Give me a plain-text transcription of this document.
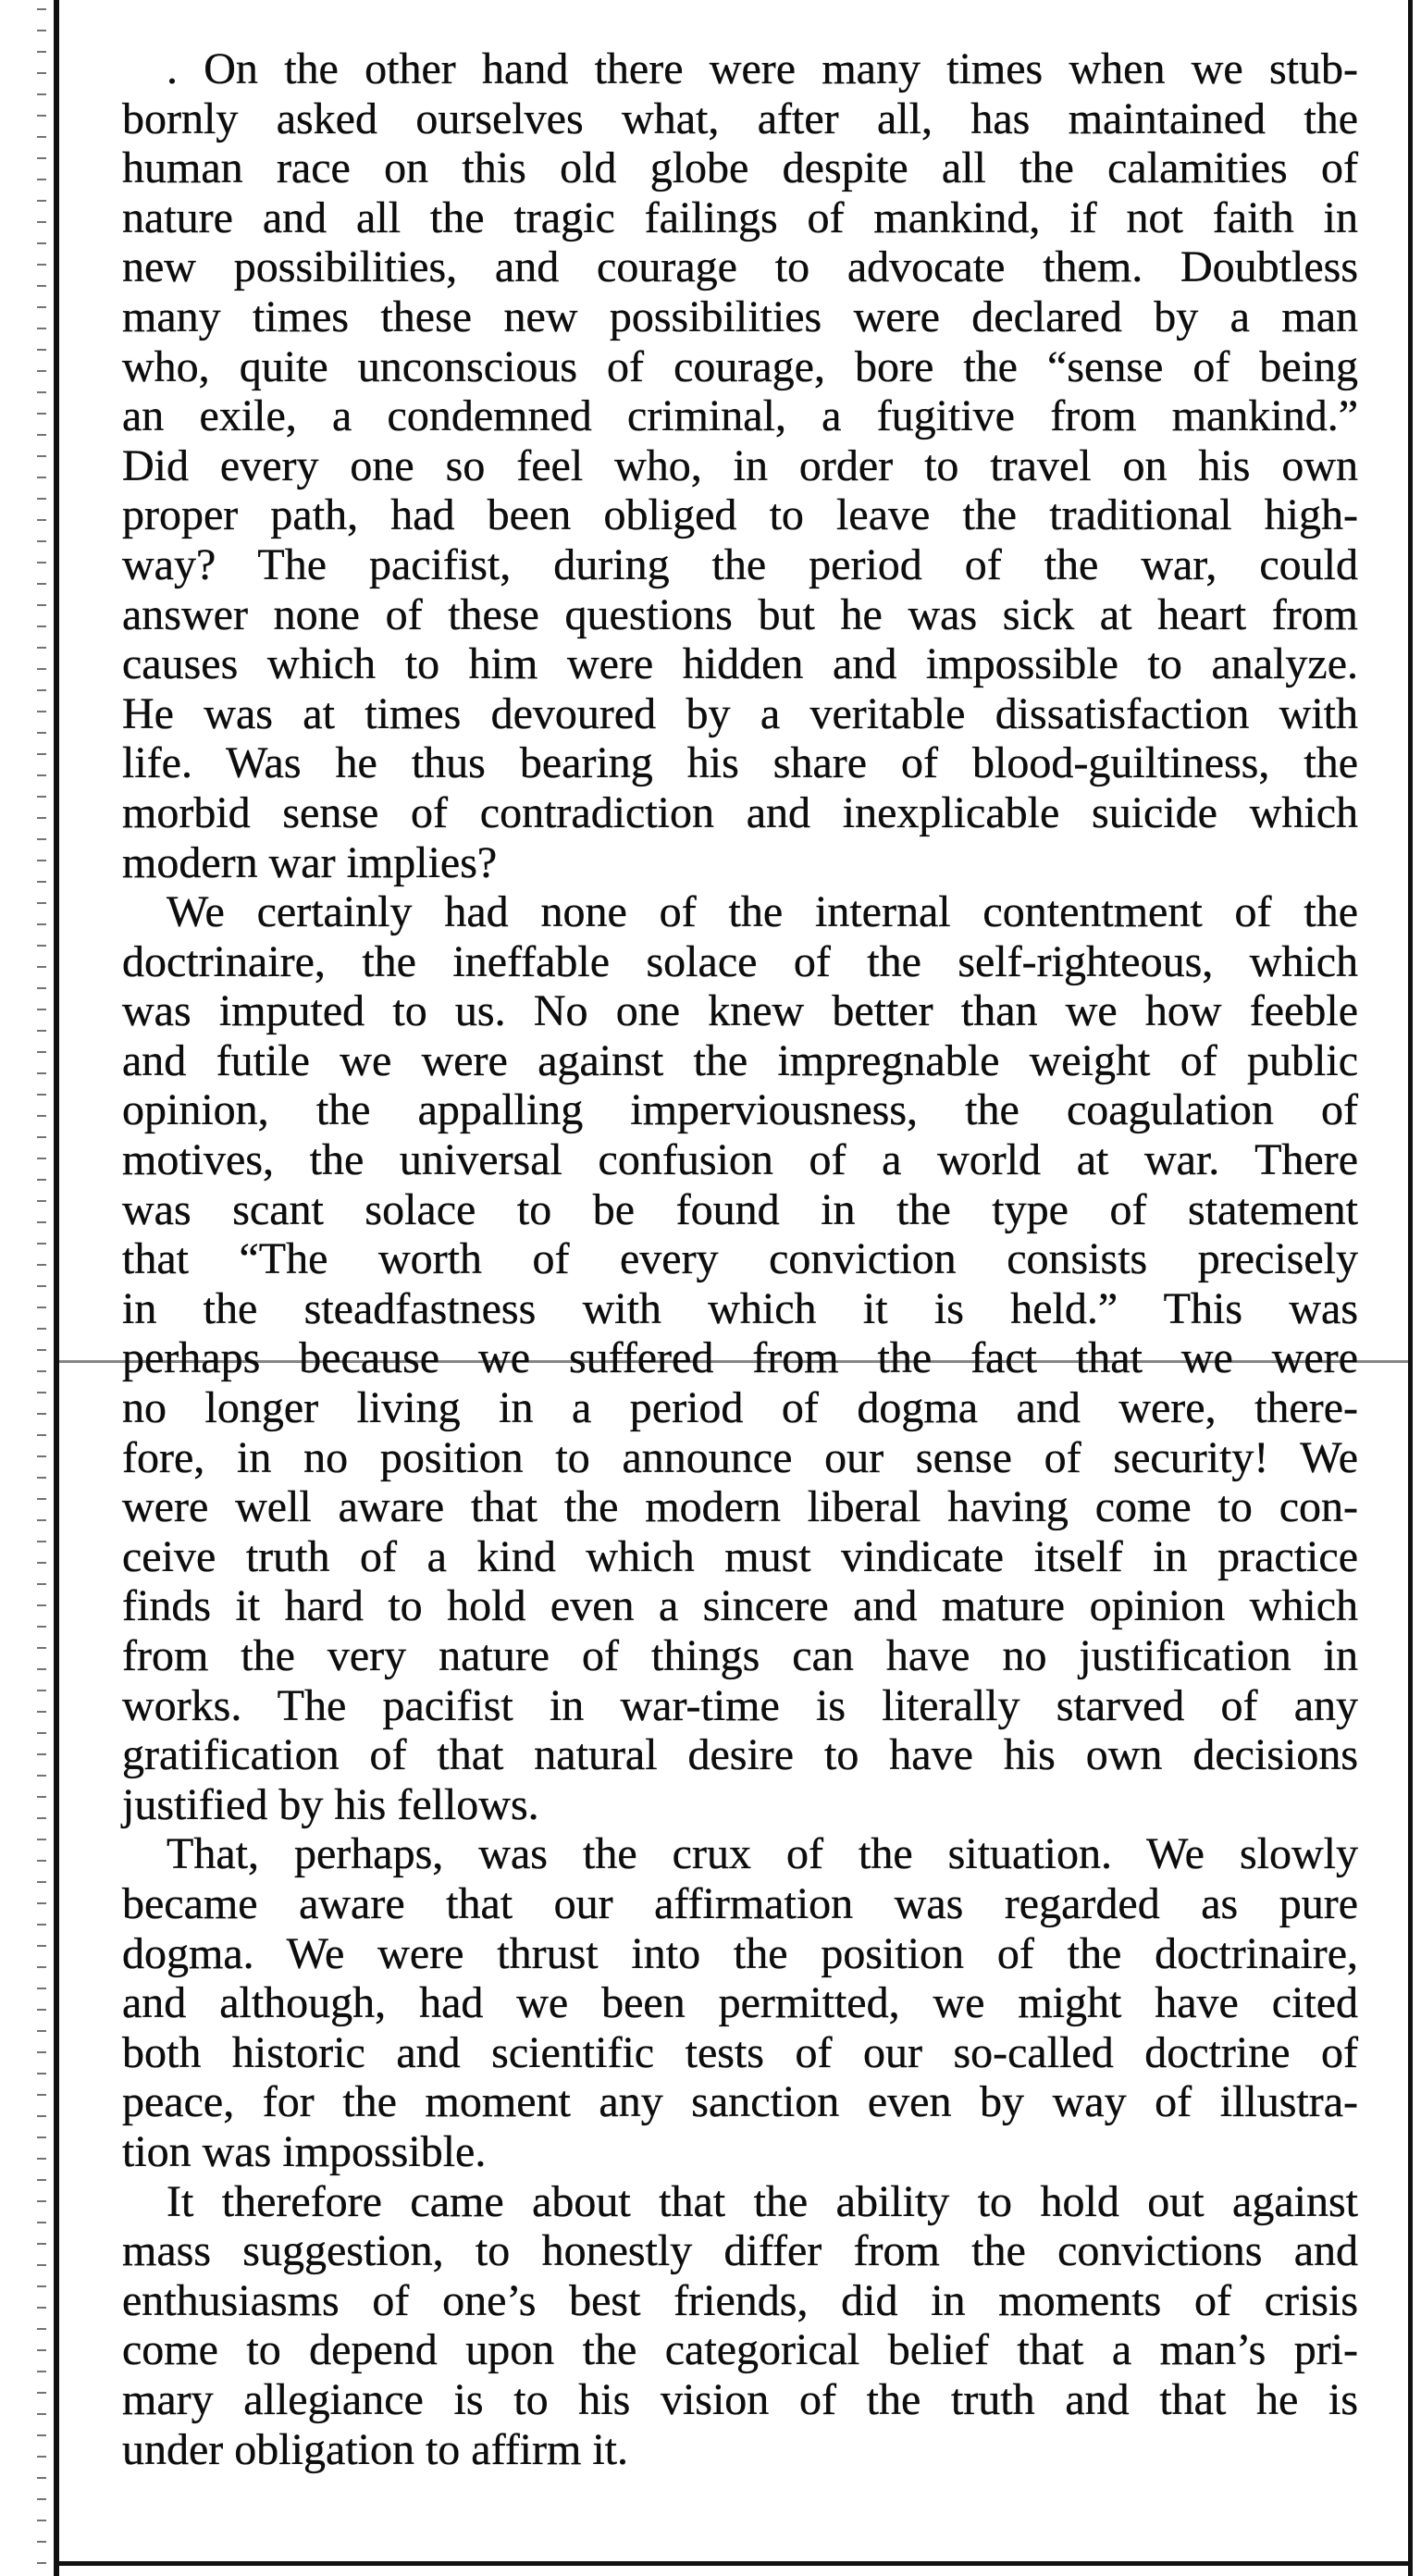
. On the other hand there were many times when we stub-
bornly asked ourselves what, after all, has maintained the
human race on this old globe despite all the calamities of
nature and all the tragic failings of mankind, if not faith in
new possibilities, and courage to advocate them. Doubtless
many times these new possibilities were declared by a man
who, quite unconscious of courage, bore the “sense of being
an exile, a condemned criminal, a fugitive from mankind.”
Did every one so feel who, in order to travel on his own
proper path, had been obliged to leave the traditional high-
way? The pacifist, during the period of the war, could
answer none of these questions but he was sick at heart from
causes which to him were hidden and impossible to analyze.
He was at times devoured by a veritable dissatisfaction with
life. Was he thus bearing his share of blood-guiltiness, the
morbid sense of contradiction and inexplicable suicide which
modern war implies?
We certainly had none of the internal contentment of the
doctrinaire, the ineffable solace of the self-righteous, which
was imputed to us. No one knew better than we how feeble
and futile we were against the impregnable weight of public
opinion, the appalling imperviousness, the coagulation of
motives, the universal confusion of a world at war. There
was scant solace to be found in the type of statement
that “The worth of every conviction consists precisely
in the steadfastness with which it is held.” This was
perhaps because we suffered from the fact that we were
no longer living in a period of dogma and were, there-
fore, in no position to announce our sense of security! We
were well aware that the modern liberal having come to con-
ceive truth of a kind which must vindicate itself in practice
finds it hard to hold even a sincere and mature opinion which
from the very nature of things can have no justification in
works. The pacifist in war-time is literally starved of any
gratification of that natural desire to have his own decisions
justified by his fellows.
That, perhaps, was the crux of the situation. We slowly
became aware that our affirmation was regarded as pure
dogma. We were thrust into the position of the doctrinaire,
and although, had we been permitted, we might have cited
both historic and scientific tests of our so-called doctrine of
peace, for the moment any sanction even by way of illustra-
tion was impossible.
It therefore came about that the ability to hold out against
mass suggestion, to honestly differ from the convictions and
enthusiasms of one’s best friends, did in moments of crisis
come to depend upon the categorical belief that a man’s pri-
mary allegiance is to his vision of the truth and that he is
under obligation to affirm it.
